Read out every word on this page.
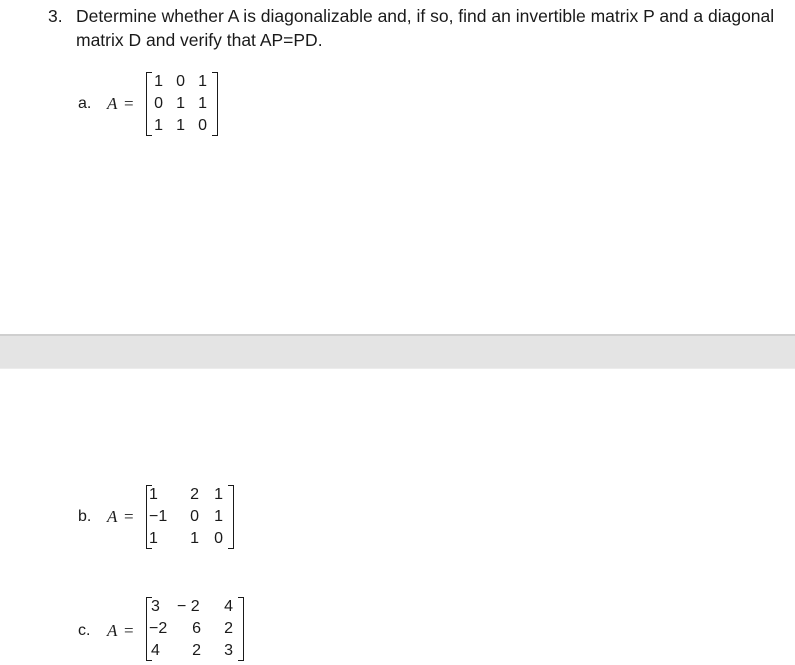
3. Determine whether A is diagonalizable and, if so, find an invertible matrix P and a diagonal matrix D and verify that AP=PD.
a. A =
1 0 1
0 1 1
1 1 0
b. A =
1	2 1
−1	0 1
1	1 0
c. A =
3	− 2	4
−2	6	2
4	2	3
